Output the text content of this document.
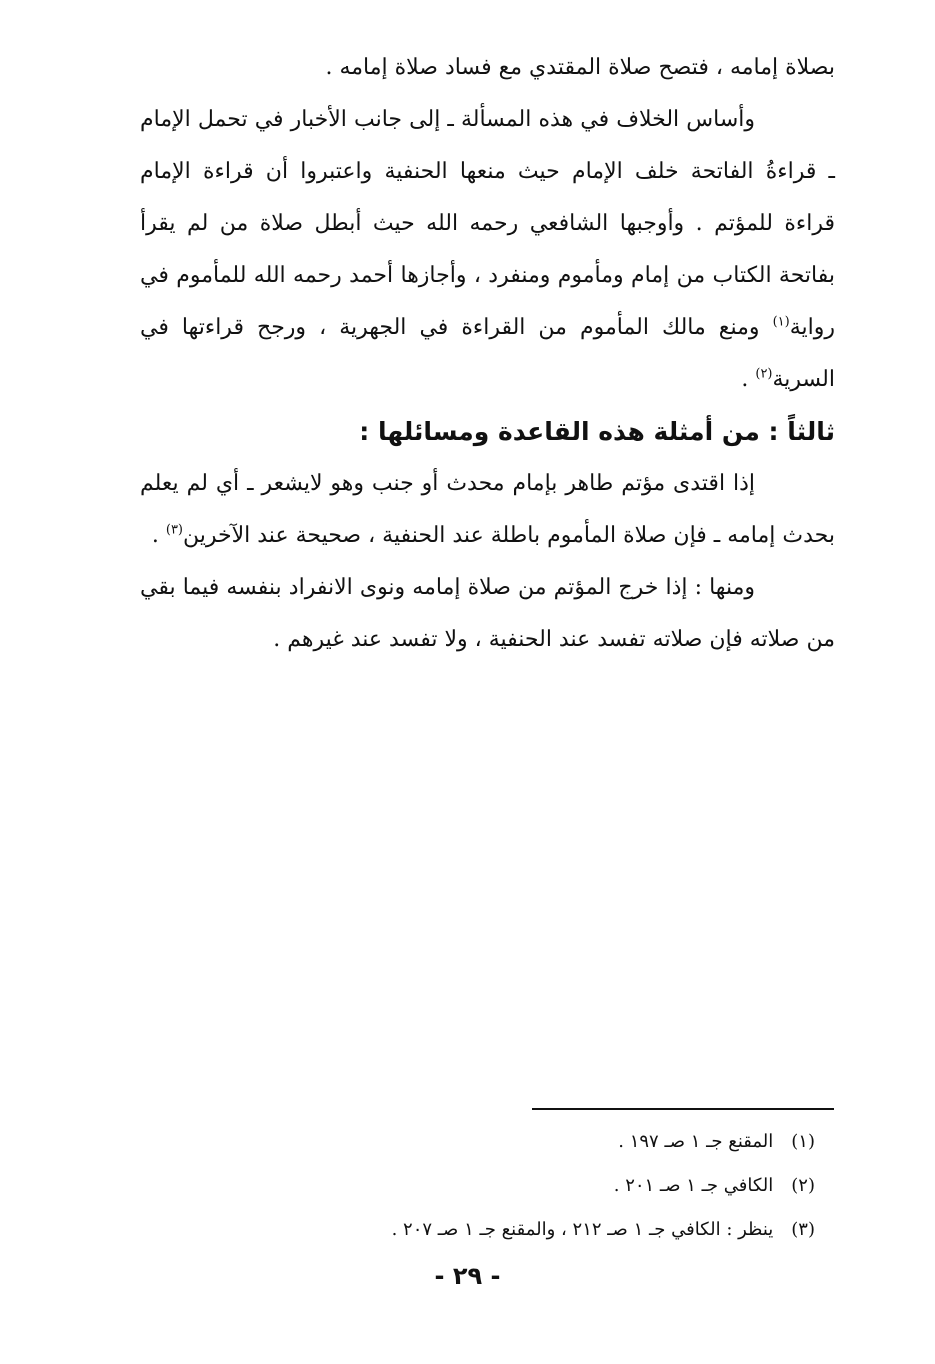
بصلاة إمامه ، فتصح صلاة المقتدي مع فساد صلاة إمامه .

وأساس الخلاف في هذه المسألة ـ إلى جانب الأخبار في تحمل الإمام ـ قراءةُ الفاتحة خلف الإمام حيث منعها الحنفية واعتبروا أن قراءة الإمام قراءة للمؤتم . وأوجبها الشافعي رحمه الله حيث أبطل صلاة من لم يقرأ بفاتحة الكتاب من إمام ومأموم ومنفرد ، وأجازها أحمد رحمه الله للمأموم في رواية$^{(١)}$ ومنع مالك المأموم من القراءة في الجهرية ، ورجح قراءتها في السرية$^{(٢)}$ .

ثالثاً : من أمثلة هذه القاعدة ومسائلها :

إذا اقتدى مؤتم طاهر بإمام محدث أو جنب وهو لايشعر ـ أي لم يعلم بحدث إمامه ـ فإن صلاة المأموم باطلة عند الحنفية ، صحيحة عند الآخرين$^{(٣)}$ .

ومنها : إذا خرج المؤتم من صلاة إمامه ونوى الانفراد بنفسه فيما بقي من صلاته فإن صلاته تفسد عند الحنفية ، ولا تفسد عند غيرهم .

(١) المقنع جـ ١ صـ ١٩٧ .
(٢) الكافي جـ ١ صـ ٢٠١ .
(٣) ينظر : الكافي جـ ١ صـ ٢١٢ ، والمقنع جـ ١ صـ ٢٠٧ .
- ٢٩ -
